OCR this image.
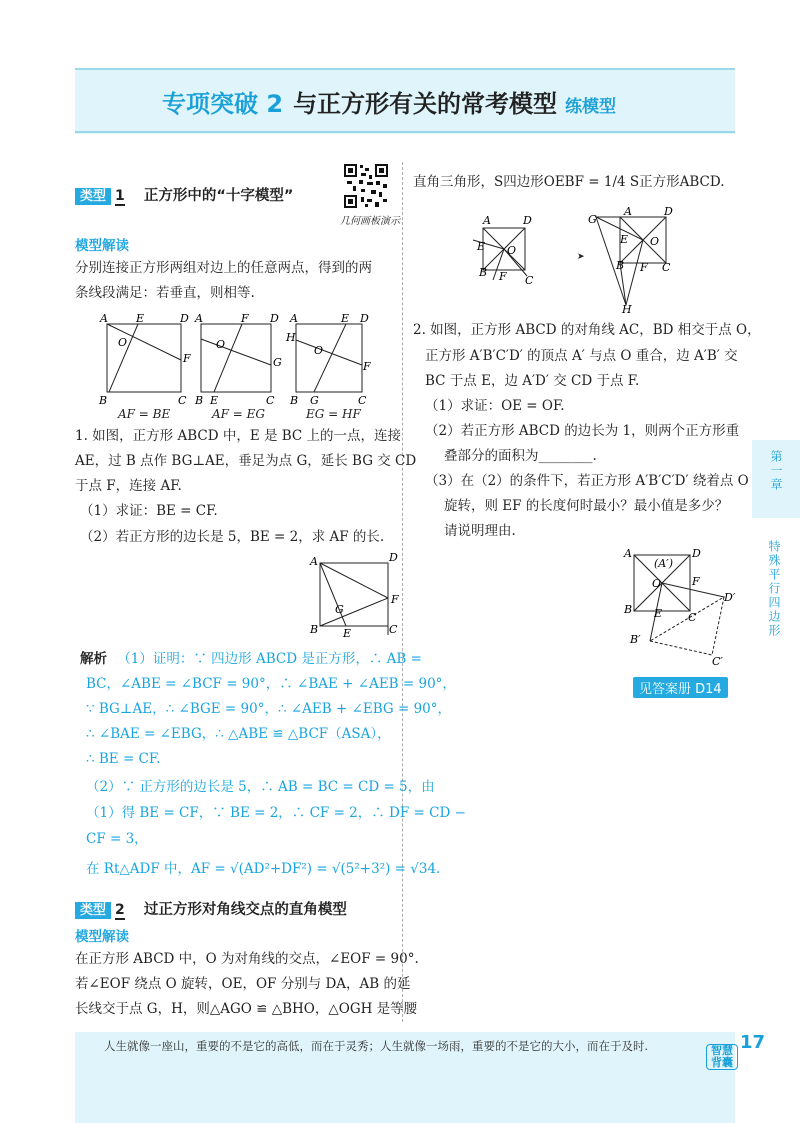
专项突破 2 与正方形有关的常考模型 练模型
类型 1 正方形中的“十字模型”
几何画板演示
模型解读
分别连接正方形两组对边上的任意两点，得到的两
条线段满足：若垂直，则相等.
A	E	D
O
F
B	C
A	F D
O
G
B E	C
A	E D
H
O
F
B G	C
AF = BE	AF = EG	EG = HF
1. 如图，正方形 ABCD 中，E 是 BC 上的一点，连接
AE，过 B 点作 BG⊥AE，垂足为点 G，延长 BG 交 CD
于点 F，连接 AF.
（1）求证：BE = CF.
（2）若正方形的边长是 5，BE = 2，求 AF 的长.
A	D
F
G
B E	C
解析 （1）证明：∵ 四边形 ABCD 是正方形，∴ AB =
BC，∠ABE = ∠BCF = 90°，∴ ∠BAE + ∠AEB = 90°，
∵ BG⊥AE，∴ ∠BGE = 90°，∴ ∠AEB + ∠EBG = 90°，
∴ ∠BAE = ∠EBG，∴ △ABE ≌ △BCF（ASA），
∴ BE = CF.
（2）∵ 正方形的边长是 5，∴ AB = BC = CD = 5，由
（1）得 BE = CF，∵ BE = 2，∴ CF = 2，∴ DF = CD −
CF = 3，
在 Rt△ADF 中，AF = √(AD²+DF²) = √(5²+3²) = √34.
类型 2 过正方形对角线交点的直角模型
模型解读
在正方形 ABCD 中，O 为对角线的交点，∠EOF = 90°.
若∠EOF 绕点 O 旋转，OE，OF 分别与 DA，AB 的延
长线交于点 G，H，则△AGO ≌ △BHO，△OGH 是等腰
直角三角形，S四边形OEBF = 1/4 S正方形ABCD.
A	D
E O
B F C
➤
G
A	D
E O
B F C
H
2. 如图，正方形 ABCD 的对角线 AC，BD 相交于点 O，
正方形 A′B′C′D′ 的顶点 A′ 与点 O 重合，边 A′B′ 交
BC 于点 E，边 A′D′ 交 CD 于点 F.
（1）求证：OE = OF.
（2）若正方形 ABCD 的边长为 1，则两个正方形重
叠部分的面积为________.
（3）在（2）的条件下，若正方形 A′B′C′D′ 绕着点 O
旋转，则 EF 的长度何时最小？最小值是多少？
请说明理由.
A	D
(A′)
O	F
E
B
C
D′
B′
C′
见答案册 D14
第一章
特殊平行四边形
人生就像一座山，重要的不是它的高低，而在于灵秀；人生就像一场雨，重要的不是它的大小，而在于及时.	17
智慧背囊
